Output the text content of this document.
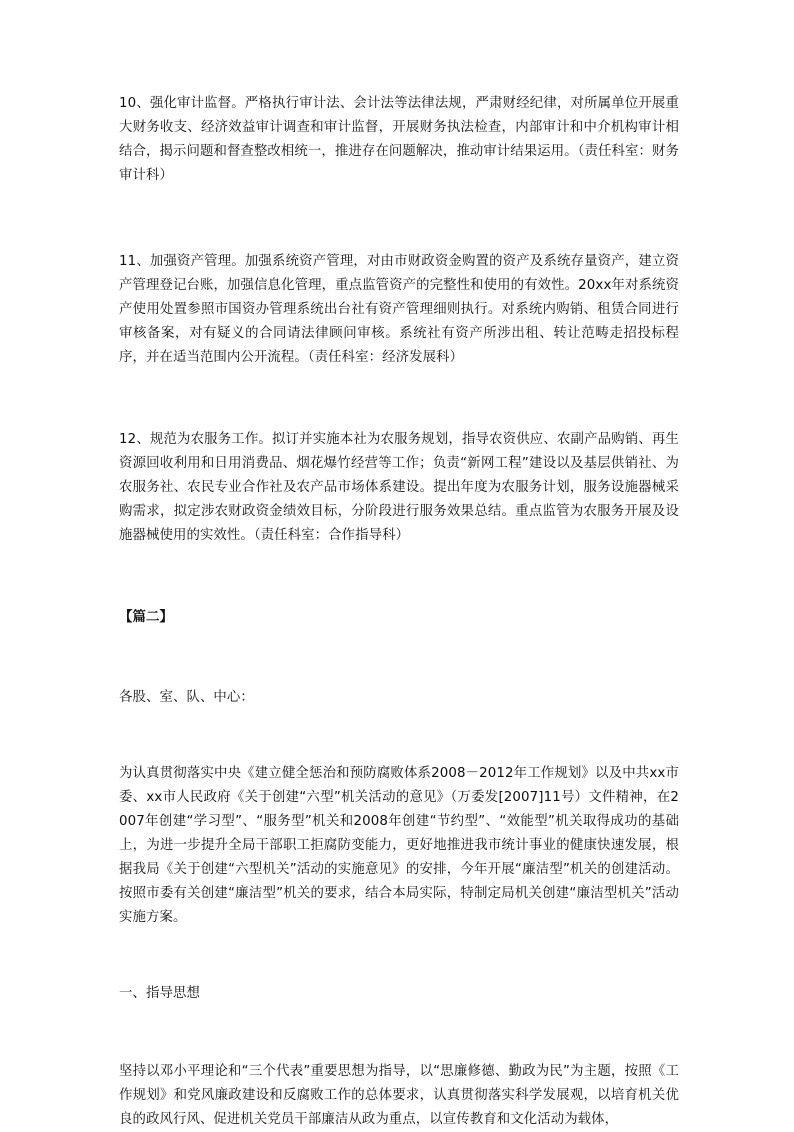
10、强化审计监督。严格执行审计法、会计法等法律法规，严肃财经纪律，对所属单位开展重大财务收支、经济效益审计调查和审计监督，开展财务执法检查，内部审计和中介机构审计相结合，揭示问题和督查整改相统一，推进存在问题解决，推动审计结果运用。（责任科室：财务审计科）

11、加强资产管理。加强系统资产管理，对由市财政资金购置的资产及系统存量资产，建立资产管理登记台账，加强信息化管理，重点监管资产的完整性和使用的有效性。20xx年对系统资产使用处置参照市国资办管理系统出台社有资产管理细则执行。对系统内购销、租赁合同进行审核备案，对有疑义的合同请法律顾问审核。系统社有资产所涉出租、转让范畴走招投标程序，并在适当范围内公开流程。（责任科室：经济发展科）

12、规范为农服务工作。拟订并实施本社为农服务规划，指导农资供应、农副产品购销、再生资源回收利用和日用消费品、烟花爆竹经营等工作；负责“新网工程”建设以及基层供销社、为农服务社、农民专业合作社及农产品市场体系建设。提出年度为农服务计划，服务设施器械采购需求，拟定涉农财政资金绩效目标，分阶段进行服务效果总结。重点监管为农服务开展及设施器械使用的实效性。（责任科室：合作指导科）

【篇二】

各股、室、队、中心：

为认真贯彻落实中央《建立健全惩治和预防腐败体系2008－2012年工作规划》以及中共xx市委、xx市人民政府《关于创建“六型”机关活动的意见》（万委发[2007]11号）文件精神，在2007年创建“学习型”、“服务型”机关和2008年创建“节约型”、“效能型”机关取得成功的基础上，为进一步提升全局干部职工拒腐防变能力，更好地推进我市统计事业的健康快速发展，根据我局《关于创建“六型机关”活动的实施意见》的安排，今年开展“廉洁型”机关的创建活动。按照市委有关创建“廉洁型”机关的要求，结合本局实际，特制定局机关创建“廉洁型机关”活动实施方案。

一、指导思想

坚持以邓小平理论和“三个代表”重要思想为指导，以“思廉修德、勤政为民”为主题，按照《工作规划》和党风廉政建设和反腐败工作的总体要求，认真贯彻落实科学发展观，以培育机关优良的政风行风、促进机关党员干部廉洁从政为重点，以宣传教育和文化活动为载体，
